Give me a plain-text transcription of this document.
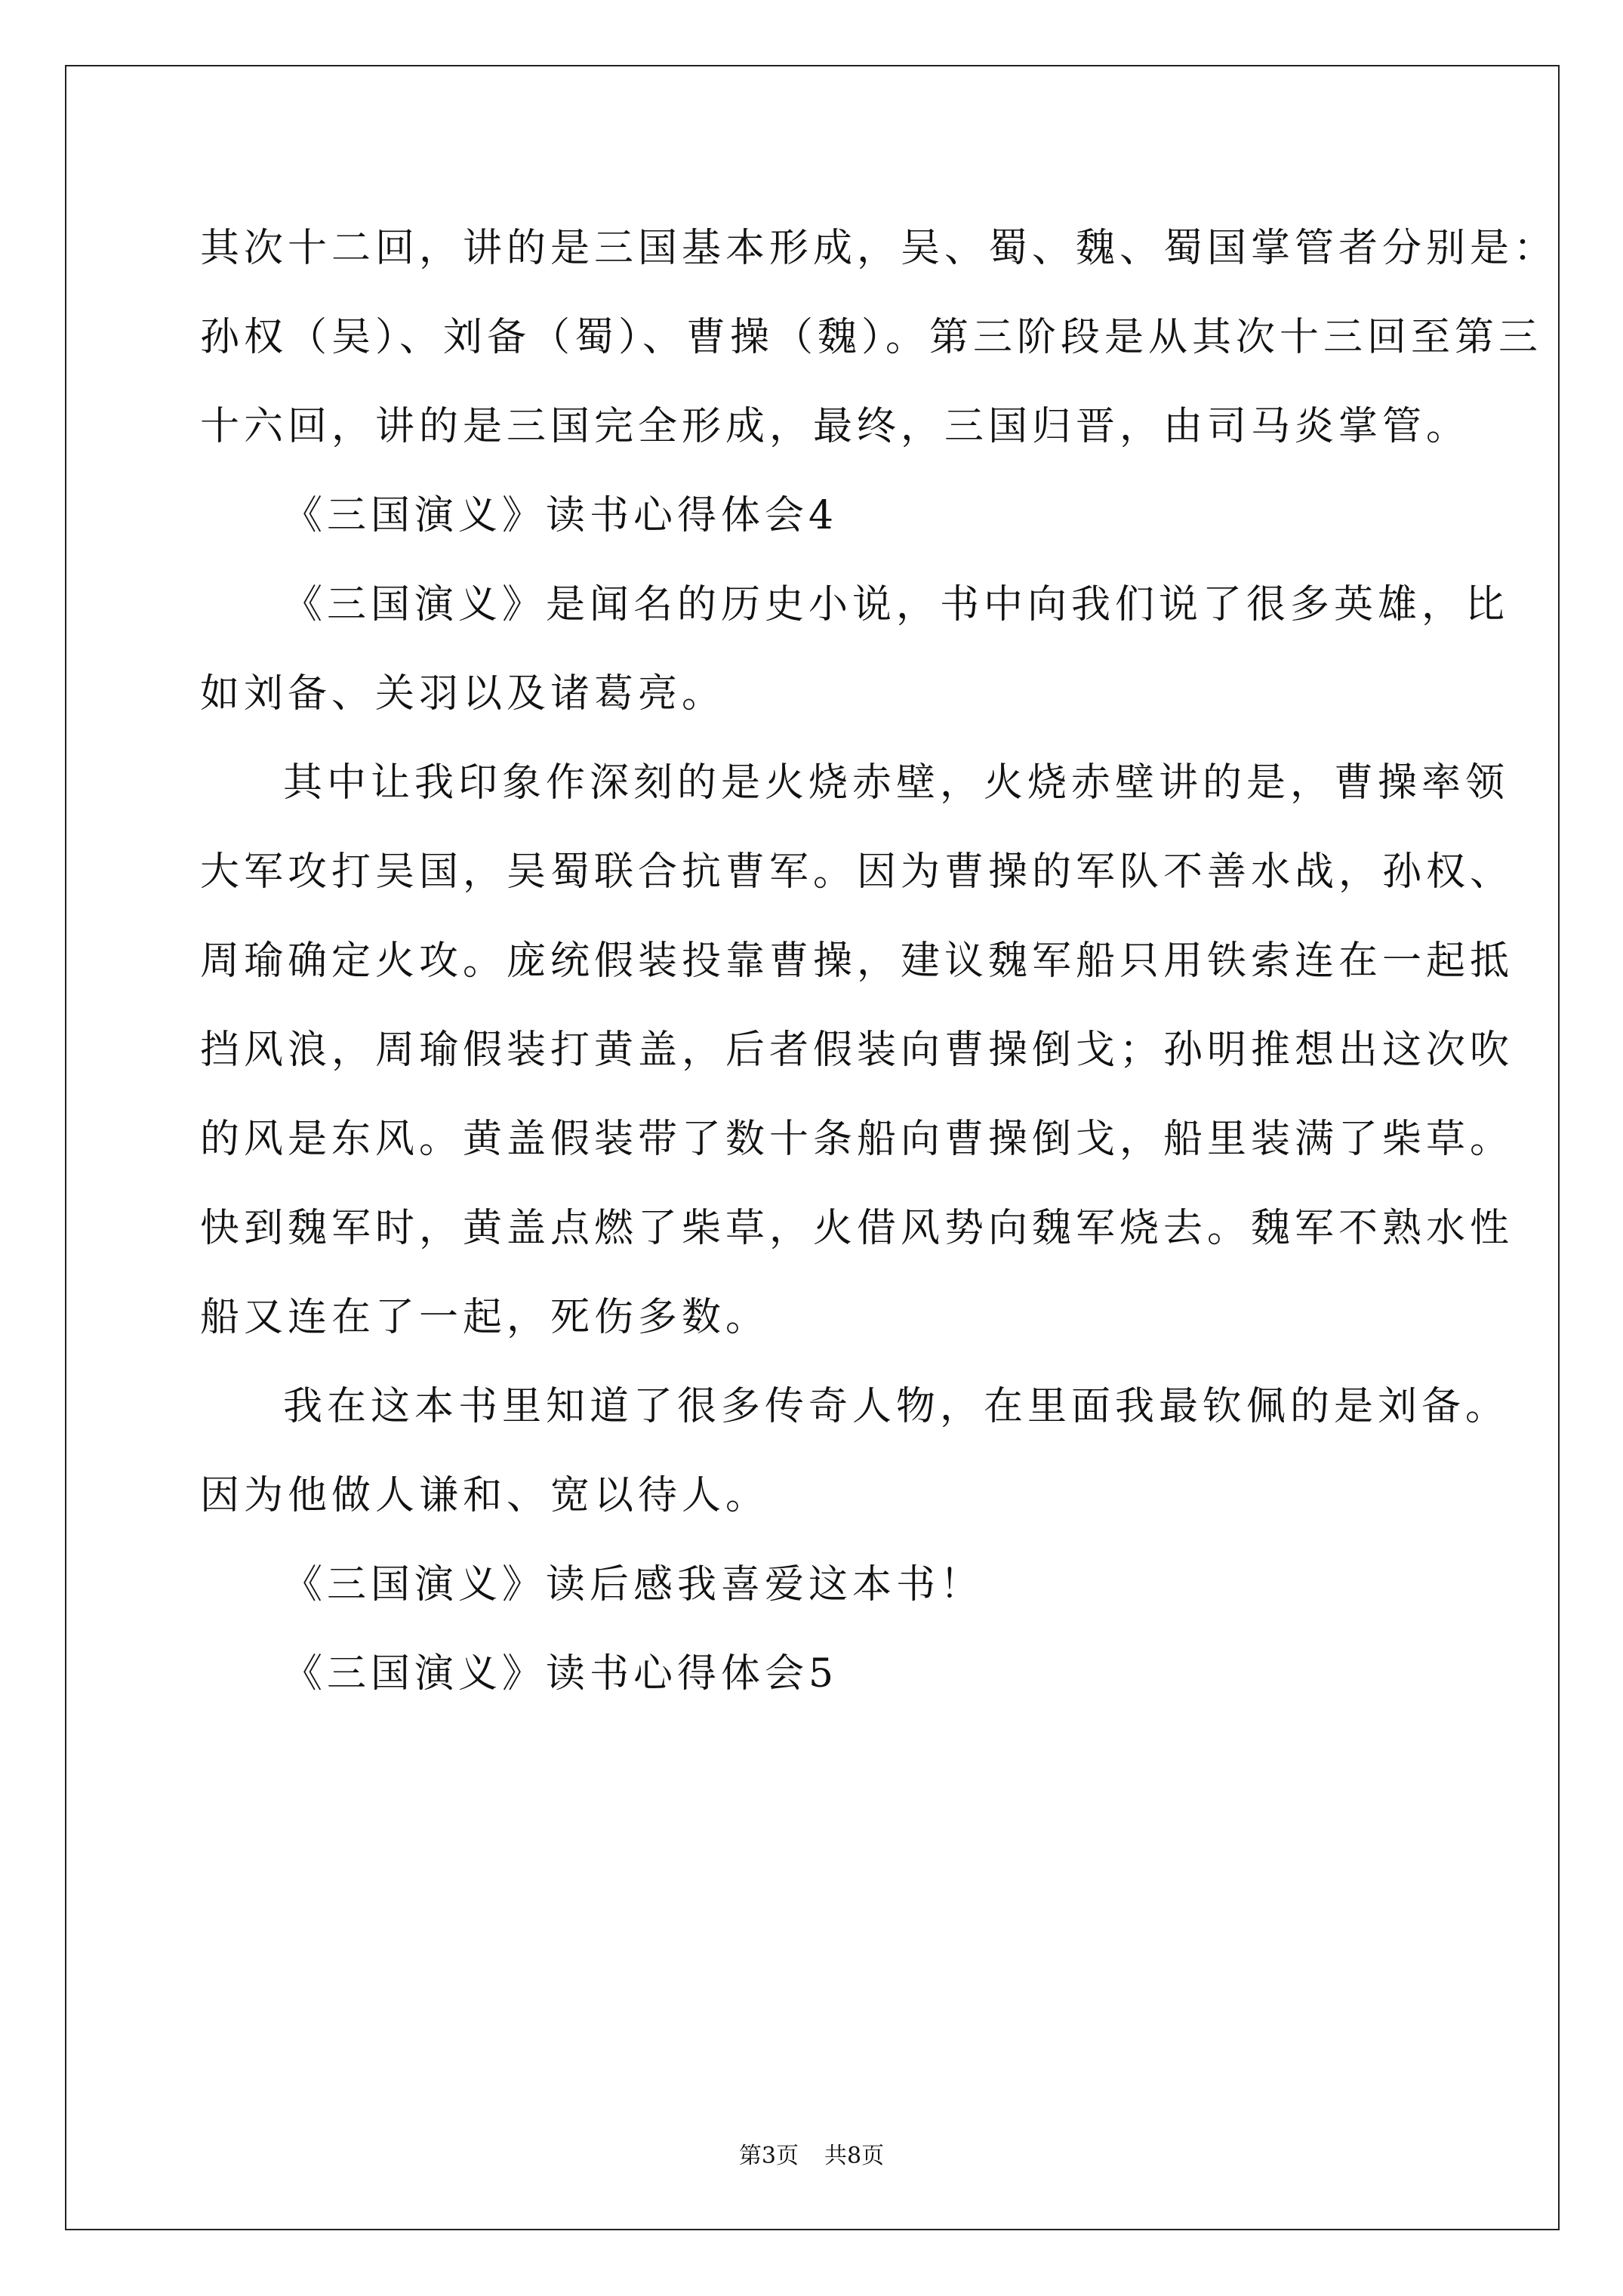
其次十二回，讲的是三国基本形成，吴、蜀、魏、蜀国掌管者分别是：
孙权（吴）、刘备（蜀）、曹操（魏）。第三阶段是从其次十三回至第三
十六回，讲的是三国完全形成，最终，三国归晋，由司马炎掌管。
《三国演义》读书心得体会4
《三国演义》是闻名的历史小说，书中向我们说了很多英雄，比
如刘备、关羽以及诸葛亮。
其中让我印象作深刻的是火烧赤壁，火烧赤壁讲的是，曹操率领
大军攻打吴国，吴蜀联合抗曹军。因为曹操的军队不善水战，孙权、
周瑜确定火攻。庞统假装投靠曹操，建议魏军船只用铁索连在一起抵
挡风浪，周瑜假装打黄盖，后者假装向曹操倒戈；孙明推想出这次吹
的风是东风。黄盖假装带了数十条船向曹操倒戈，船里装满了柴草。
快到魏军时，黄盖点燃了柴草，火借风势向魏军烧去。魏军不熟水性
船又连在了一起，死伤多数。
我在这本书里知道了很多传奇人物，在里面我最钦佩的是刘备。
因为他做人谦和、宽以待人。
《三国演义》读后感我喜爱这本书！
《三国演义》读书心得体会5
第3页 共8页
